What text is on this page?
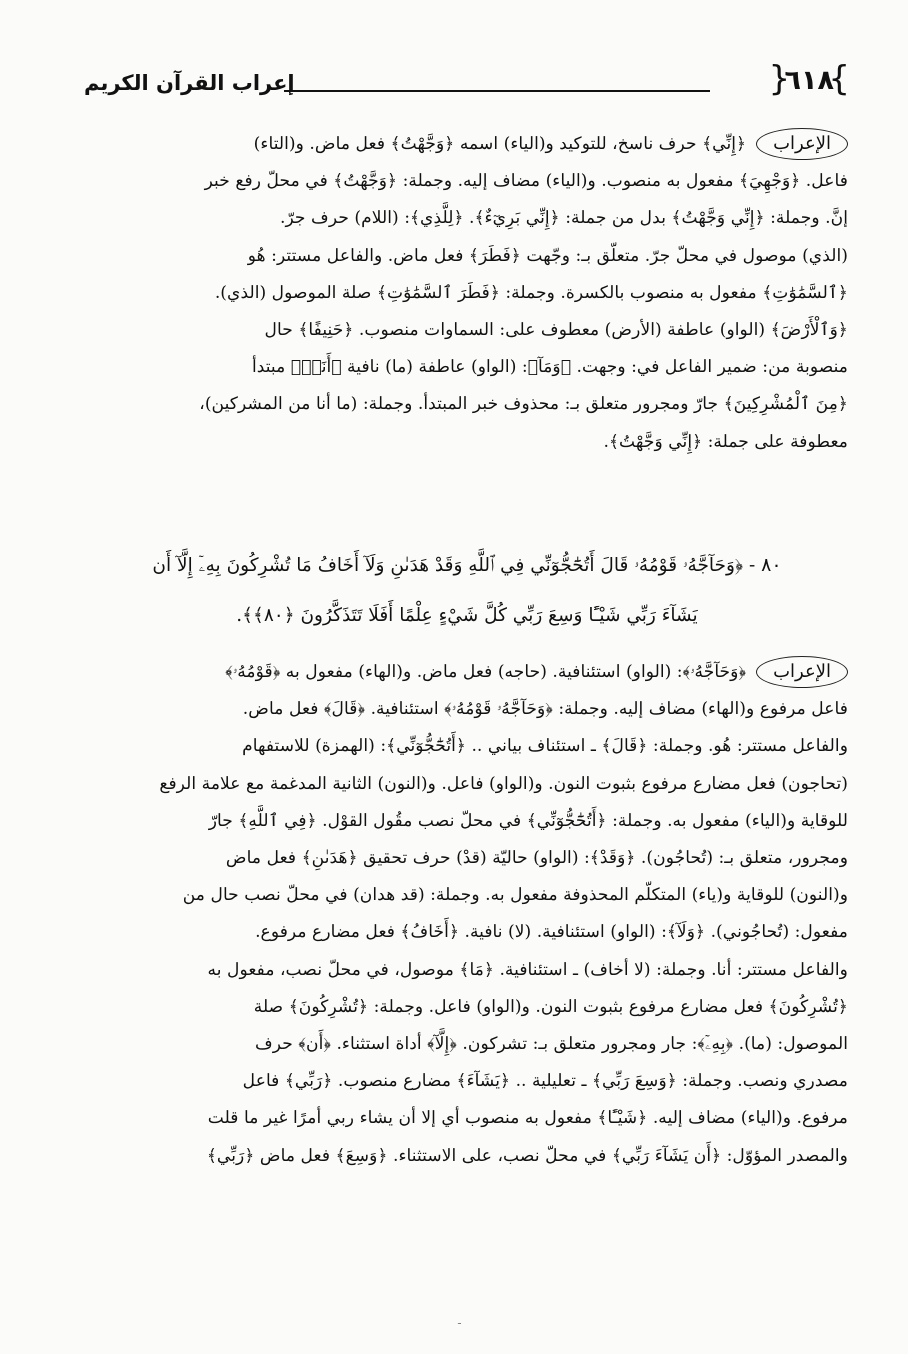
} ٦١٨ {
إعراب القرآن الكريم
الإعراب

﴿إِنِّي﴾ حرف ناسخ، للتوكيد و(الياء) اسمه ﴿وَجَّهْتُ﴾ فعل ماض. و(التاء)

فاعل. ﴿وَجْهِيَ﴾ مفعول به منصوب. و(الياء) مضاف إليه. وجملة: ﴿وَجَّهْتُ﴾ في محلّ رفع خبر

إنَّ. وجملة: ﴿إِنِّي وَجَّهْتُ﴾ بدل من جملة: ﴿إِنِّي بَرِيٓءٌ﴾. ﴿لِلَّذِي﴾: (اللام) حرف جرّ.

(الذي) موصول في محلّ جرّ. متعلّق بـ: وجّهت ﴿فَطَرَ﴾ فعل ماض. والفاعل مستتر: هُو

﴿ٱلسَّمَٰوَٰتِ﴾ مفعول به منصوب بالكسرة. وجملة: ﴿فَطَرَ ٱلسَّمَٰوَٰتِ﴾ صلة الموصول (الذي).

﴿وَٱلْأَرْضَ﴾ (الواو) عاطفة (الأرض) معطوف على: السماوات منصوب. ﴿حَنِيفًا﴾ حال

منصوبة من: ضمير الفاعل في: وجهت. ﴿وَمَآ﴾: (الواو) عاطفة (ما) نافية ﴿أَنَا۠﴾ مبتدأ

﴿مِنَ ٱلْمُشْرِكِينَ﴾ جارّ ومجرور متعلق بـ: محذوف خبر المبتدأ. وجملة: (ما أنا من المشركين)،

معطوفة على جملة: ﴿إِنِّي وَجَّهْتُ﴾.

٨٠ - ﴿وَحَآجَّهُۥ قَوْمُهُۥ قَالَ أَتُحَٰٓجُّوٓنِّي فِي ٱللَّهِ وَقَدْ هَدَىٰنِ وَلَآ أَخَافُ مَا تُشْرِكُونَ بِهِۦٓ إِلَّآ أَن

يَشَآءَ رَبِّي شَيْـًٔا وَسِعَ رَبِّي كُلَّ شَيْءٍ عِلْمًا أَفَلَا تَتَذَكَّرُونَ ﴿٨٠﴾﴾.

الإعراب

﴿وَحَآجَّهُۥ﴾: (الواو) استئنافية. (حاجه) فعل ماض. و(الهاء) مفعول به ﴿قَوْمُهُۥ﴾

فاعل مرفوع و(الهاء) مضاف إليه. وجملة: ﴿وَحَآجَّهُۥ قَوْمُهُۥ﴾ استئنافية. ﴿قَالَ﴾ فعل ماض.

والفاعل مستتر: هُو. وجملة: ﴿قَالَ﴾ ـ استئناف بياني .. ﴿أَتُحَٰٓجُّوٓنِّي﴾: (الهمزة) للاستفهام

(تحاجون) فعل مضارع مرفوع بثبوت النون. و(الواو) فاعل. و(النون) الثانية المدغمة مع علامة الرفع

للوقاية و(الياء) مفعول به. وجملة: ﴿أَتُحَٰٓجُّوٓنِّي﴾ في محلّ نصب مقُول القوْل. ﴿فِي ٱللَّهِ﴾ جارّ

ومجرور، متعلق بـ: (تُحاجُون). ﴿وَقَدْ﴾: (الواو) حاليّة (قدْ) حرف تحقيق ﴿هَدَىٰنِ﴾ فعل ماض

و(النون) للوقاية و(ياء) المتكلّم المحذوفة مفعول به. وجملة: (قد هدان) في محلّ نصب حال من

مفعول: (تُحاجُوني). ﴿وَلَآ﴾: (الواو) استئنافية. (لا) نافية. ﴿أَخَافُ﴾ فعل مضارع مرفوع.

والفاعل مستتر: أنا. وجملة: (لا أخاف) ـ استئنافية. ﴿مَا﴾ موصول، في محلّ نصب، مفعول به

﴿تُشْرِكُونَ﴾ فعل مضارع مرفوع بثبوت النون. و(الواو) فاعل. وجملة: ﴿تُشْرِكُونَ﴾ صلة

الموصول: (ما). ﴿بِهِۦٓ﴾: جار ومجرور متعلق بـ: تشركون. ﴿إِلَّآ﴾ أداة استثناء. ﴿أَن﴾ حرف

مصدري ونصب. وجملة: ﴿وَسِعَ رَبِّي﴾ ـ تعليلية .. ﴿يَشَآءَ﴾ مضارع منصوب. ﴿رَبِّي﴾ فاعل

مرفوع. و(الياء) مضاف إليه. ﴿شَيْـًٔا﴾ مفعول به منصوب أي إلا أن يشاء ربي أمرًا غير ما قلت

والمصدر المؤوّل: ﴿أَن يَشَآءَ رَبِّي﴾ في محلّ نصب، على الاستثناء. ﴿وَسِعَ﴾ فعل ماض ﴿رَبِّي﴾

ـ
